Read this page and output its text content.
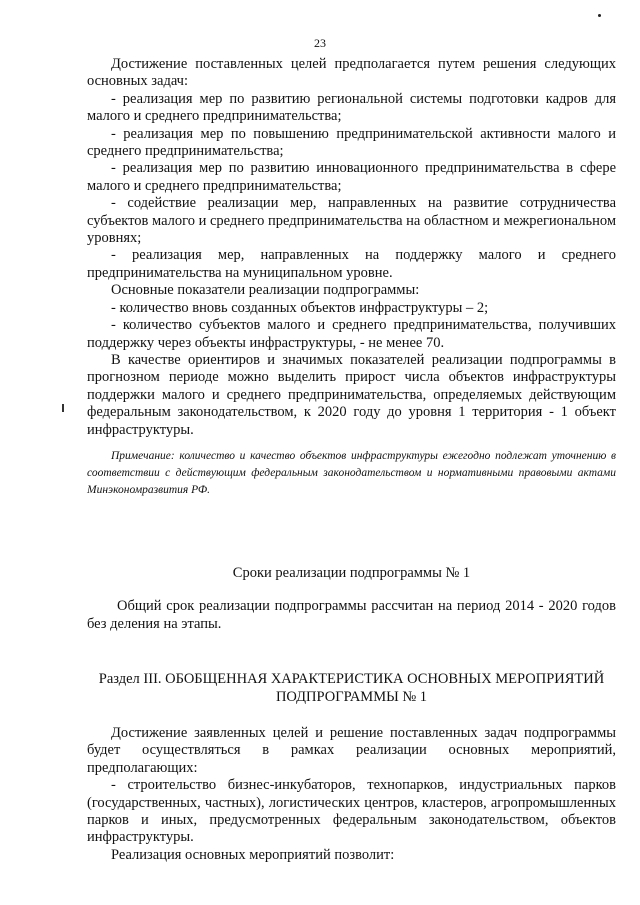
23

Достижение поставленных целей предполагается путем решения следующих основных задач:

- реализация мер по развитию региональной системы подготовки кадров для малого и среднего предпринимательства;

- реализация мер по повышению предпринимательской активности малого и среднего предпринимательства;

- реализация мер по развитию инновационного предпринимательства в сфере малого и среднего предпринимательства;

- содействие реализации мер, направленных на развитие сотрудничества субъектов малого и среднего предпринимательства на областном и межрегиональном уровнях;

- реализация мер, направленных на поддержку малого и среднего предпринимательства на муниципальном уровне.

Основные показатели реализации подпрограммы:

- количество вновь созданных объектов инфраструктуры – 2;

- количество субъектов малого и среднего предпринимательства, получивших поддержку через объекты инфраструктуры, - не менее 70.

В качестве ориентиров и значимых показателей реализации подпрограммы в прогнозном периоде можно выделить прирост числа объектов инфраструктуры поддержки малого и среднего предпринимательства, определяемых действующим федеральным законодательством, к 2020 году до уровня 1 территория - 1 объект инфраструктуры.

Примечание: количество и качество объектов инфраструктуры ежегодно подлежат уточнению в соответствии с действующим федеральным законодательством и нормативными правовыми актами Минэкономразвития РФ.

Сроки реализации подпрограммы № 1

Общий срок реализации подпрограммы рассчитан на период 2014 - 2020 годов без деления на этапы.

Раздел III. ОБОБЩЕННАЯ ХАРАКТЕРИСТИКА ОСНОВНЫХ МЕРОПРИЯТИЙ

ПОДПРОГРАММЫ № 1

Достижение заявленных целей и решение поставленных задач подпрограммы будет осуществляться в рамках реализации основных мероприятий, предполагающих:

- строительство бизнес-инкубаторов, технопарков, индустриальных парков (государственных, частных), логистических центров, кластеров, агропромышленных парков и иных, предусмотренных федеральным законодательством, объектов инфраструктуры.

Реализация основных мероприятий позволит:
